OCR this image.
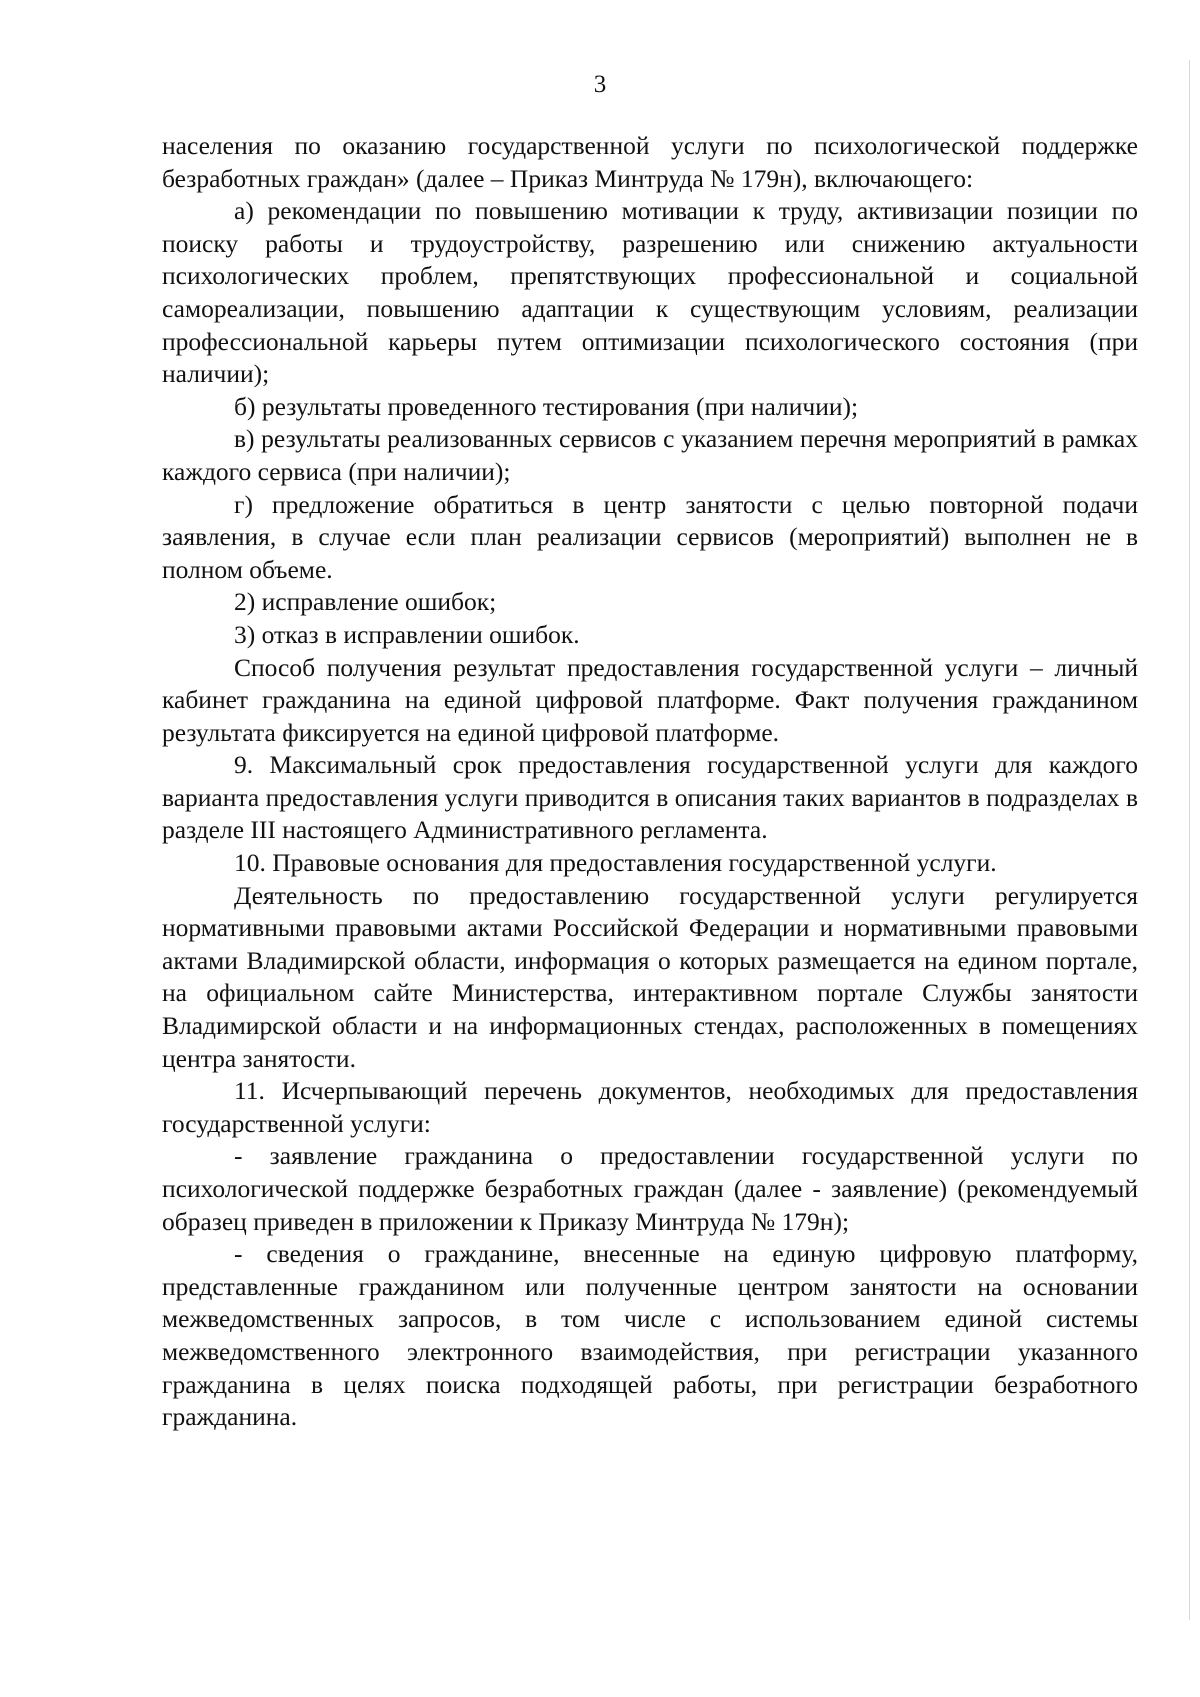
3

населения по оказанию государственной услуги по психологической поддержке безработных граждан» (далее – Приказ Минтруда № 179н), включающего:

а) рекомендации по повышению мотивации к труду, активизации позиции по поиску работы и трудоустройству, разрешению или снижению актуальности психологических проблем, препятствующих профессиональной и социальной самореализации, повышению адаптации к существующим условиям, реализации профессиональной карьеры путем оптимизации психологического состояния (при наличии);

б) результаты проведенного тестирования (при наличии);

в) результаты реализованных сервисов с указанием перечня мероприятий в рамках каждого сервиса (при наличии);

г) предложение обратиться в центр занятости с целью повторной подачи заявления, в случае если план реализации сервисов (мероприятий) выполнен не в полном объеме.

2) исправление ошибок;

3) отказ в исправлении ошибок.

Способ получения результат предоставления государственной услуги – личный кабинет гражданина на единой цифровой платформе. Факт получения гражданином результата фиксируется на единой цифровой платформе.

9. Максимальный срок предоставления государственной услуги для каждого варианта предоставления услуги приводится в описания таких вариантов в подразделах в разделе III настоящего Административного регламента.

10. Правовые основания для предоставления государственной услуги.

Деятельность по предоставлению государственной услуги регулируется нормативными правовыми актами Российской Федерации и нормативными правовыми актами Владимирской области, информация о которых размещается на едином портале, на официальном сайте Министерства, интерактивном портале Службы занятости Владимирской области и на информационных стендах, расположенных в помещениях центра занятости.

11. Исчерпывающий перечень документов, необходимых для предоставления государственной услуги:

- заявление гражданина о предоставлении государственной услуги по психологической поддержке безработных граждан (далее - заявление) (рекомендуемый образец приведен в приложении к Приказу Минтруда № 179н);

- сведения о гражданине, внесенные на единую цифровую платформу, представленные гражданином или полученные центром занятости на основании межведомственных запросов, в том числе с использованием единой системы межведомственного электронного взаимодействия, при регистрации указанного гражданина в целях поиска подходящей работы, при регистрации безработного гражданина.
